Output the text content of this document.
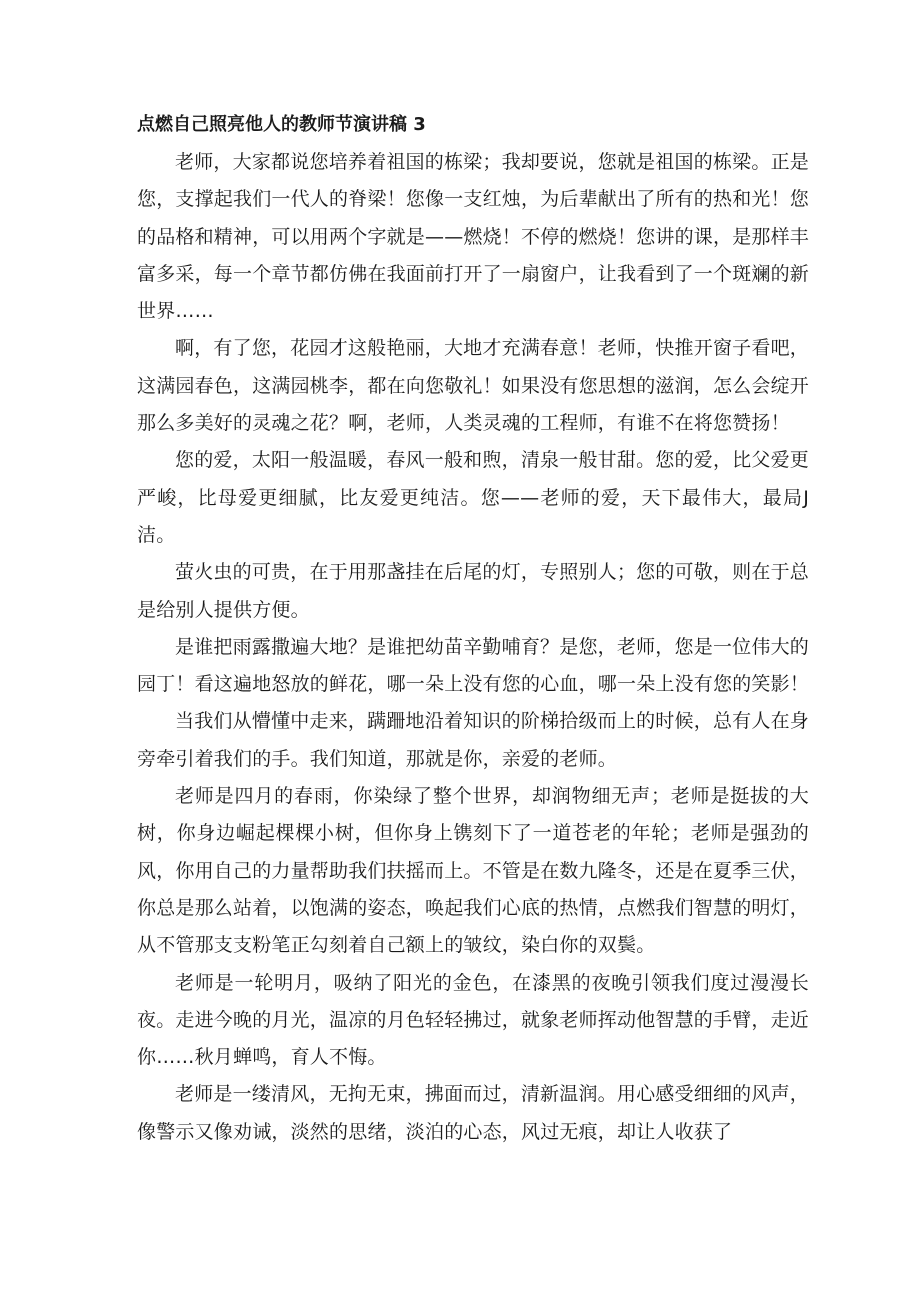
点燃自己照亮他人的教师节演讲稿 3

老师，大家都说您培养着祖国的栋梁；我却要说，您就是祖国的栋梁。正是您，支撑起我们一代人的脊梁！您像一支红烛，为后辈献出了所有的热和光！您的品格和精神，可以用两个字就是——燃烧！不停的燃烧！您讲的课，是那样丰富多采，每一个章节都仿佛在我面前打开了一扇窗户，让我看到了一个斑斓的新世界……

啊，有了您，花园才这般艳丽，大地才充满春意！老师，快推开窗子看吧，这满园春色，这满园桃李，都在向您敬礼！如果没有您思想的滋润，怎么会绽开那么多美好的灵魂之花？啊，老师，人类灵魂的工程师，有谁不在将您赞扬！

您的爱，太阳一般温暖，春风一般和煦，清泉一般甘甜。您的爱，比父爱更严峻，比母爱更细腻，比友爱更纯洁。您——老师的爱，天下最伟大，最局J洁。

萤火虫的可贵，在于用那盏挂在后尾的灯，专照别人；您的可敬，则在于总是给别人提供方便。

是谁把雨露撒遍大地？是谁把幼苗辛勤哺育？是您，老师，您是一位伟大的园丁！看这遍地怒放的鲜花，哪一朵上没有您的心血，哪一朵上没有您的笑影！

当我们从懵懂中走来，蹒跚地沿着知识的阶梯拾级而上的时候，总有人在身旁牵引着我们的手。我们知道，那就是你，亲爱的老师。

老师是四月的春雨，你染绿了整个世界，却润物细无声；老师是挺拔的大树，你身边崛起棵棵小树，但你身上镌刻下了一道苍老的年轮；老师是强劲的风，你用自己的力量帮助我们扶摇而上。不管是在数九隆冬，还是在夏季三伏，你总是那么站着，以饱满的姿态，唤起我们心底的热情，点燃我们智慧的明灯，从不管那支支粉笔正勾刻着自己额上的皱纹，染白你的双鬓。

老师是一轮明月，吸纳了阳光的金色，在漆黑的夜晚引领我们度过漫漫长夜。走进今晚的月光，温凉的月色轻轻拂过，就象老师挥动他智慧的手臂，走近你……秋月蝉鸣，育人不悔。

老师是一缕清风，无拘无束，拂面而过，清新温润。用心感受细细的风声，像警示又像劝诫，淡然的思绪，淡泊的心态，风过无痕，却让人收获了
